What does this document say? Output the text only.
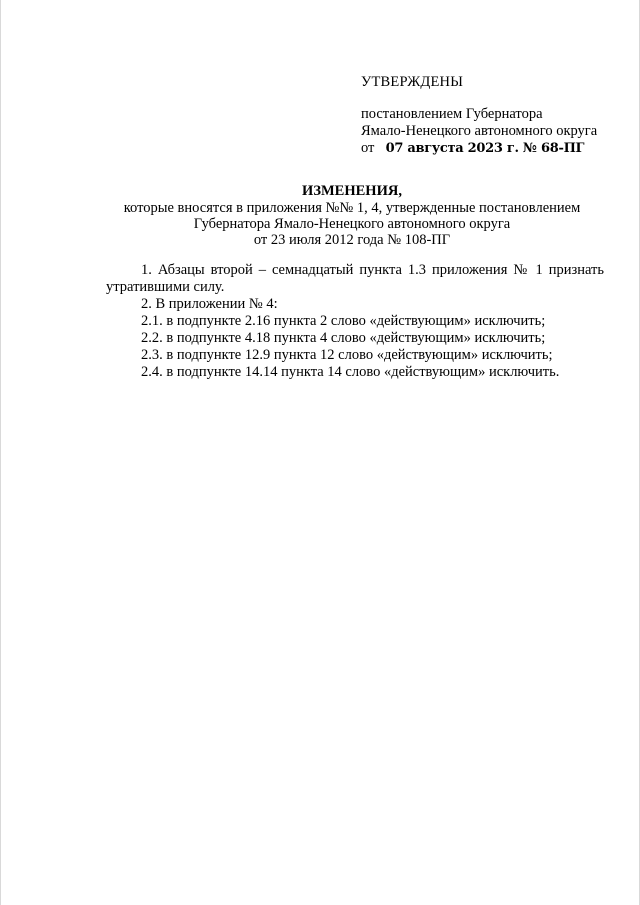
УТВЕРЖДЕНЫ
постановлением Губернатора
Ямало-Ненецкого автономного округа
от 07 августа 2023 г. № 68-ПГ
ИЗМЕНЕНИЯ,
которые вносятся в приложения №№ 1, 4, утвержденные постановлением
Губернатора Ямало-Ненецкого автономного округа
от 23 июля 2012 года № 108-ПГ
1. Абзацы второй – семнадцатый пункта 1.3 приложения № 1 признать
утратившими силу.
2. В приложении № 4:
2.1. в подпункте 2.16 пункта 2 слово «действующим» исключить;
2.2. в подпункте 4.18 пункта 4 слово «действующим» исключить;
2.3. в подпункте 12.9 пункта 12 слово «действующим» исключить;
2.4. в подпункте 14.14 пункта 14 слово «действующим» исключить.
